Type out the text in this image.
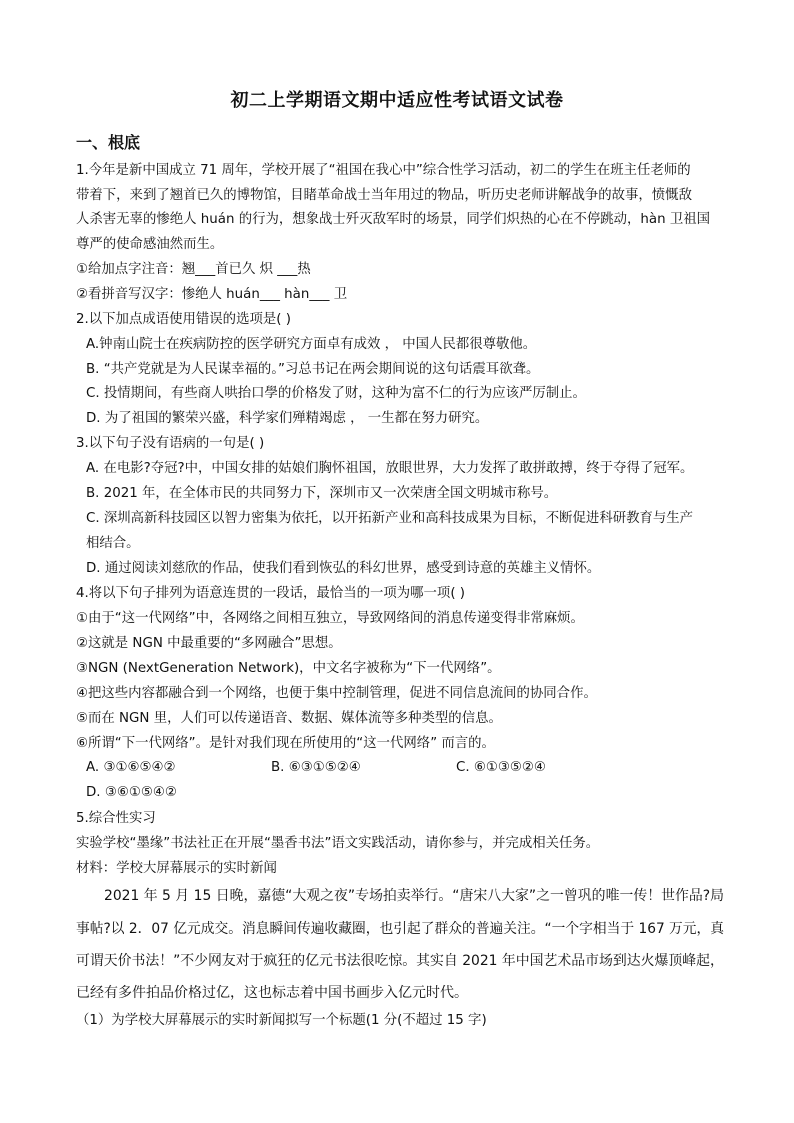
初二上学期语文期中适应性考试语文试卷
一、根底
1.今年是新中国成立 71 周年，学校开展了“祖国在我心中”综合性学习活动，初二的学生在班主任老师的
带着下，来到了翘首已久的博物馆，目睹革命战士当年用过的物品，听历史老师讲解战争的故事，愤慨敌
人杀害无辜的惨绝人 huán 的行为，想象战士歼灭敌军时的场景，同学们炽热的心在不停跳动，hàn 卫祖国
尊严的使命感油然而生。
①给加点字注音：翘___首已久 炽 ___热
②看拼音写汉字：惨绝人 huán___ hàn___ 卫
2.以下加点成语使用错误的选项是( )
A.钟南山院士在疾病防控的医学研究方面卓有成效 ， 中国人民都很尊敬他。
B. “共产党就是为人民谋幸福的。”习总书记在两会期间说的这句话震耳欲聋。
C. 投情期间，有些商人哄抬口學的价格发了财，这种为富不仁的行为应该严厉制止。
D. 为了祖国的繁荣兴盛，科学家们殚精竭虑 ， 一生都在努力研究。
3.以下句子没有语病的一句是( )
A. 在电影?夺冠?中，中国女排的姑娘们胸怀祖国，放眼世界，大力发挥了敢拼敢搏，终于夺得了冠军。
B. 2021 年，在全体市民的共同努力下，深圳市又一次荣唐全国文明城市称号。
C. 深圳高新科技园区以智力密集为依托，以开拓新产业和高科技成果为目标，不断促进科研教育与生产
相结合。
D. 通过阅读刘慈欣的作品，使我们看到恢弘的科幻世界，感受到诗意的英雄主义情怀。
4.将以下句子排列为语意连贯的一段话，最恰当的一项为哪一项( )
①由于“这一代网络”中，各网络之间相互独立，导致网络间的消息传递变得非常麻烦。
②这就是 NGN 中最重要的“多网融合”思想。
③NGN (NextGeneration Network)，中文名字被称为“下一代网络”。
④把这些内容都融合到一个网络，也便于集中控制管理，促进不同信息流间的协同合作。
⑤而在 NGN 里，人们可以传递语音、数据、媒体流等多种类型的信息。
⑥所谓“下一代网络”。是针对我们现在所使用的“这一代网络” 而言的。
A. ③①⑥⑤④②	B. ⑥③①⑤②④	C. ⑥①③⑤②④
D. ③⑥①⑤④②
5.综合性实习
实验学校“墨缘”书法社正在开展“墨香书法”语文实践活动，请你参与，并完成相关任务。
材料：学校大屏幕展示的实时新闻
2021 年 5 月 15 日晚，嘉德“大观之夜”专场拍卖举行。“唐宋八大家”之一曾巩的唯一传！世作品?局
事帖?以 2．07 亿元成交。消息瞬间传遍收藏圈，也引起了群众的普遍关注。“一个字相当于 167 万元，真
可谓天价书法！”不少网友对于疯狂的亿元书法很吃惊。其实自 2021 年中国艺术品市场到达火爆顶峰起，
已经有多件拍品价格过亿，这也标志着中国书画步入亿元时代。
（1）为学校大屏幕展示的实时新闻拟写一个标题(1 分(不超过 15 字)
